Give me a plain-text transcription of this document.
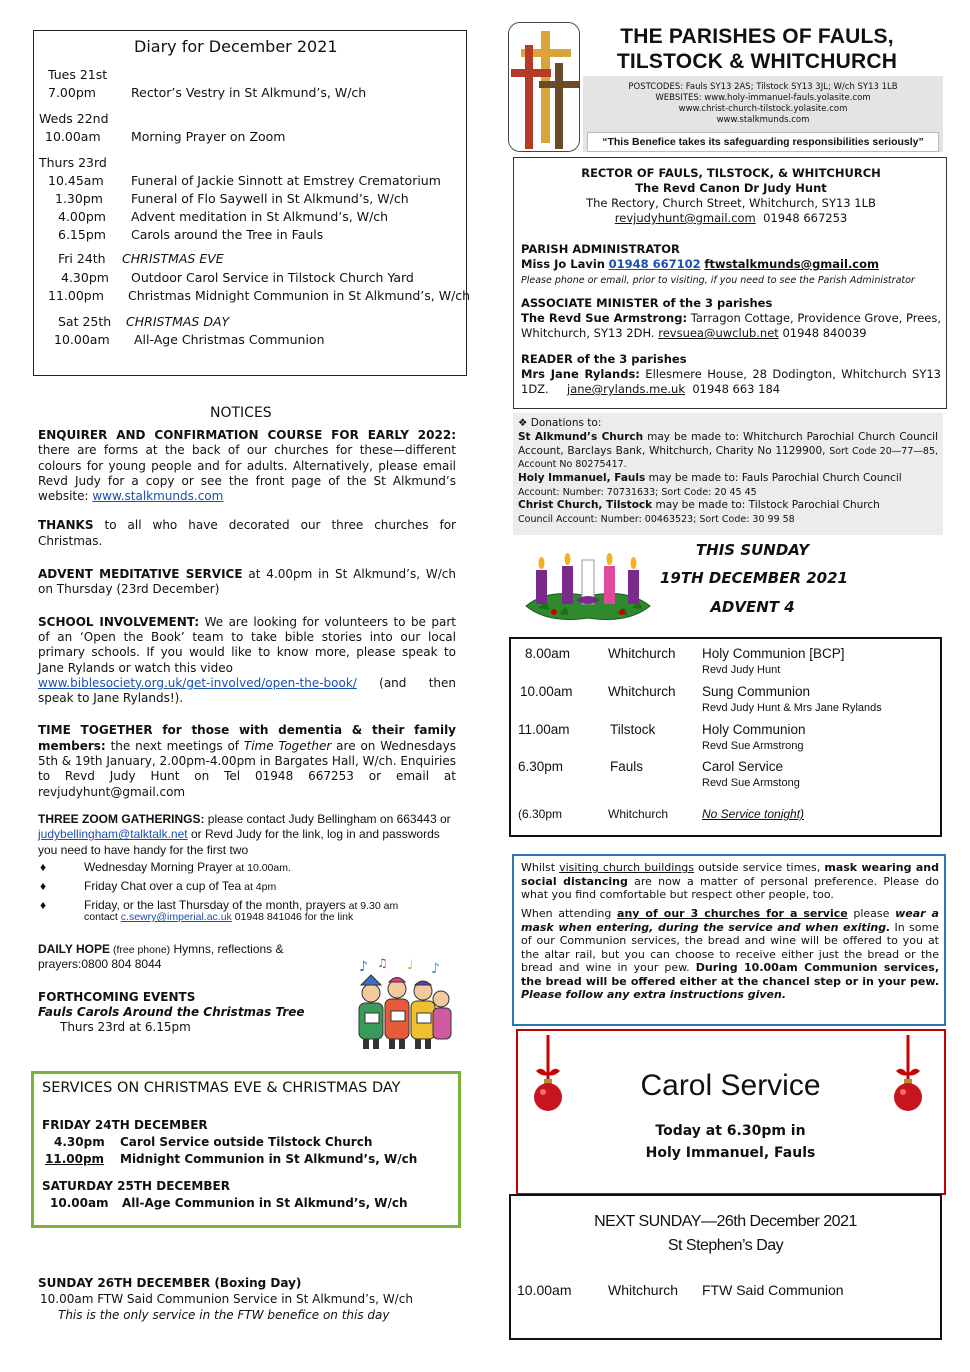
Diary for December 2021
Tues 21st
7.00pm	Rector’s Vestry in St Alkmund’s, W/ch
Weds 22nd
10.00am Morning Prayer on Zoom
Thurs 23rd
10.45am Funeral of Jackie Sinnott at Emstrey Crematorium
1.30pm Funeral of Flo Saywell in St Alkmund’s, W/ch
4.00pm Advent meditation in St Alkmund’s, W/ch
6.15pm Carols around the Tree in Fauls
Fri 24th CHRISTMAS EVE
4.30pm Outdoor Carol Service in Tilstock Church Yard
11.00pm Christmas Midnight Communion in St Alkmund’s, W/ch
Sat 25th CHRISTMAS DAY
10.00am All-Age Christmas Communion
NOTICES

ENQUIRER AND CONFIRMATION COURSE FOR EARLY 2022: there are forms at the back of our churches for these—different colours for young people and for adults. Alternatively, please email Revd Judy for a copy or see the front page of the St Alkmund’s website: www.stalkmunds.com

THANKS to all who have decorated our three churches for Christmas.

ADVENT MEDITATIVE SERVICE at 4.00pm in St Alkmund’s, W/ch on Thursday (23rd December)

SCHOOL INVOLVEMENT: We are looking for volunteers to be part of an ‘Open the Book’ team to take bible stories into our local primary schools. If you would like to know more, please speak to Jane Rylands or watch this video
www.biblesociety.org.uk/get-involved/open-the-book/ (and then speak to Jane Rylands!).

TIME TOGETHER for those with dementia & their family members: the next meetings of Time Together are on Wednesdays 5th & 19th January, 2.00pm-4.00pm in Bargates Hall, W/ch. Enquiries to Revd Judy Hunt on Tel 01948 667253 or email at revjudyhunt@gmail.com

THREE ZOOM GATHERINGS: please contact Judy Bellingham on 663443 or judybellingham@talktalk.net or Revd Judy for the link, log in and passwords you need to have handy for the first two
♦	Wednesday Morning Prayer at 10.00am.
♦	Friday Chat over a cup of Tea at 4pm
♦	Friday, or the last Thursday of the month, prayers at 9.30 am
contact c.sewry@imperial.ac.uk 01948 841046 for the link
DAILY HOPE (free phone) Hymns, reflections & prayers:0800 804 8044
FORTHCOMING EVENTS
Fauls Carols Around the Christmas Tree
Thurs 23rd at 6.15pm
♪ ♫ ♩ ♪
SERVICES ON CHRISTMAS EVE & CHRISTMAS DAY
FRIDAY 24TH DECEMBER
4.30pm Carol Service outside Tilstock Church
11.00pm Midnight Communion in St Alkmund’s, W/ch
SATURDAY 25TH DECEMBER
10.00am All-Age Communion in St Alkmund’s, W/ch
SUNDAY 26TH DECEMBER (Boxing Day)
10.00am FTW Said Communion Service in St Alkmund’s, W/ch
This is the only service in the FTW benefice on this day
THE PARISHES OF FAULS,
TILSTOCK & WHITCHURCH
POSTCODES: Fauls SY13 2AS; Tilstock SY13 3JL; W/ch SY13 1LB
WEBSITES: www.holy-immanuel-fauls.yolasite.com
www.christ-church-tilstock.yolasite.com
www.stalkmunds.com
“This Benefice takes its safeguarding responsibilities seriously”
RECTOR OF FAULS, TILSTOCK, & WHITCHURCH
The Revd Canon Dr Judy Hunt
The Rectory, Church Street, Whitchurch, SY13 1LB
revjudyhunt@gmail.com 01948 667253
PARISH ADMINISTRATOR
Miss Jo Lavin 01948 667102 ftwstalkmunds@gmail.com
Please phone or email, prior to visiting, if you need to see the Parish Administrator
ASSOCIATE MINISTER of the 3 parishes
The Revd Sue Armstrong: Tarragon Cottage, Providence Grove, Prees, Whitchurch, SY13 2DH. revsuea@uwclub.net 01948 840039
READER of the 3 parishes
Mrs Jane Rylands: Ellesmere House, 28 Dodington, Whitchurch SY13 1DZ. jane@rylands.me.uk 01948 663 184
❖ Donations to:
St Alkmund’s Church may be made to: Whitchurch Parochial Church Council Account, Barclays Bank, Whitchurch, Charity No 1129900, Sort Code 20—77—85, Account No 80275417.
Holy Immanuel, Fauls may be made to: Fauls Parochial Church Council
Account: Number: 70731633; Sort Code: 20 45 45
Christ Church, Tilstock may be made to: Tilstock Parochial Church
Council Account: Number: 00463523; Sort Code: 30 99 58
THIS SUNDAY
19TH DECEMBER 2021
ADVENT 4
8.00am	Whitchurch Holy Communion [BCP]
Revd Judy Hunt
10.00am	Whitchurch Sung Communion
Revd Judy Hunt & Mrs Jane Rylands
11.00am	Tilstock	Holy Communion
Revd Sue Armstrong
6.30pm	Fauls	Carol Service
Revd Sue Armstong
(6.30pm	Whitchurch	No Service tonight)
Whilst visiting church buildings outside service times, mask wearing and social distancing are now a matter of personal preference. Please do what you find comfortable but respect other people, too.
When attending any of our 3 churches for a service please wear a mask when entering, during the service and when exiting. In some of our Communion services, the bread and wine will be offered to you at the altar rail, but you can choose to receive either just the bread or the bread and wine in your pew. During 10.00am Communion services, the bread will be offered either at the chancel step or in your pew. Please follow any extra instructions given.
Carol Service
Today at 6.30pm in
Holy Immanuel, Fauls
NEXT SUNDAY—26th December 2021
St Stephen’s Day
10.00am	Whitchurch FTW Said Communion
